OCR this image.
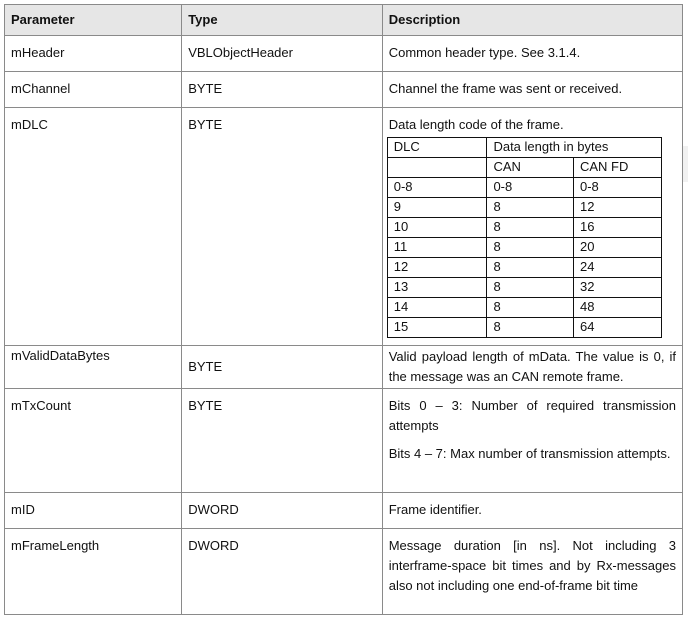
Parameter	Type	Description
mHeader	VBLObjectHeader	Common header type. See 3.1.4.
mChannel	BYTE	Channel the frame was sent or received.
mDLC	BYTE	Data length code of the frame.
DLC	Data length in bytes
	CAN	CAN FD
0-8	0-8	0-8
9	8	12
10	8	16
11	8	20
12	8	24
13	8	32
14	8	48
15	8	64

mValidDataBytes	BYTE	Valid payload length of mData. The value is 0, if the message was an CAN remote frame.
mTxCount	BYTE	Bits 0 – 3: Number of required transmission attempts
Bits 4 – 7: Max number of transmission attempts.

mID	DWORD	Frame identifier.
mFrameLength	DWORD	Message duration [in ns]. Not including 3 interframe-space bit times and by Rx-messages also not including one end-of-frame bit time
